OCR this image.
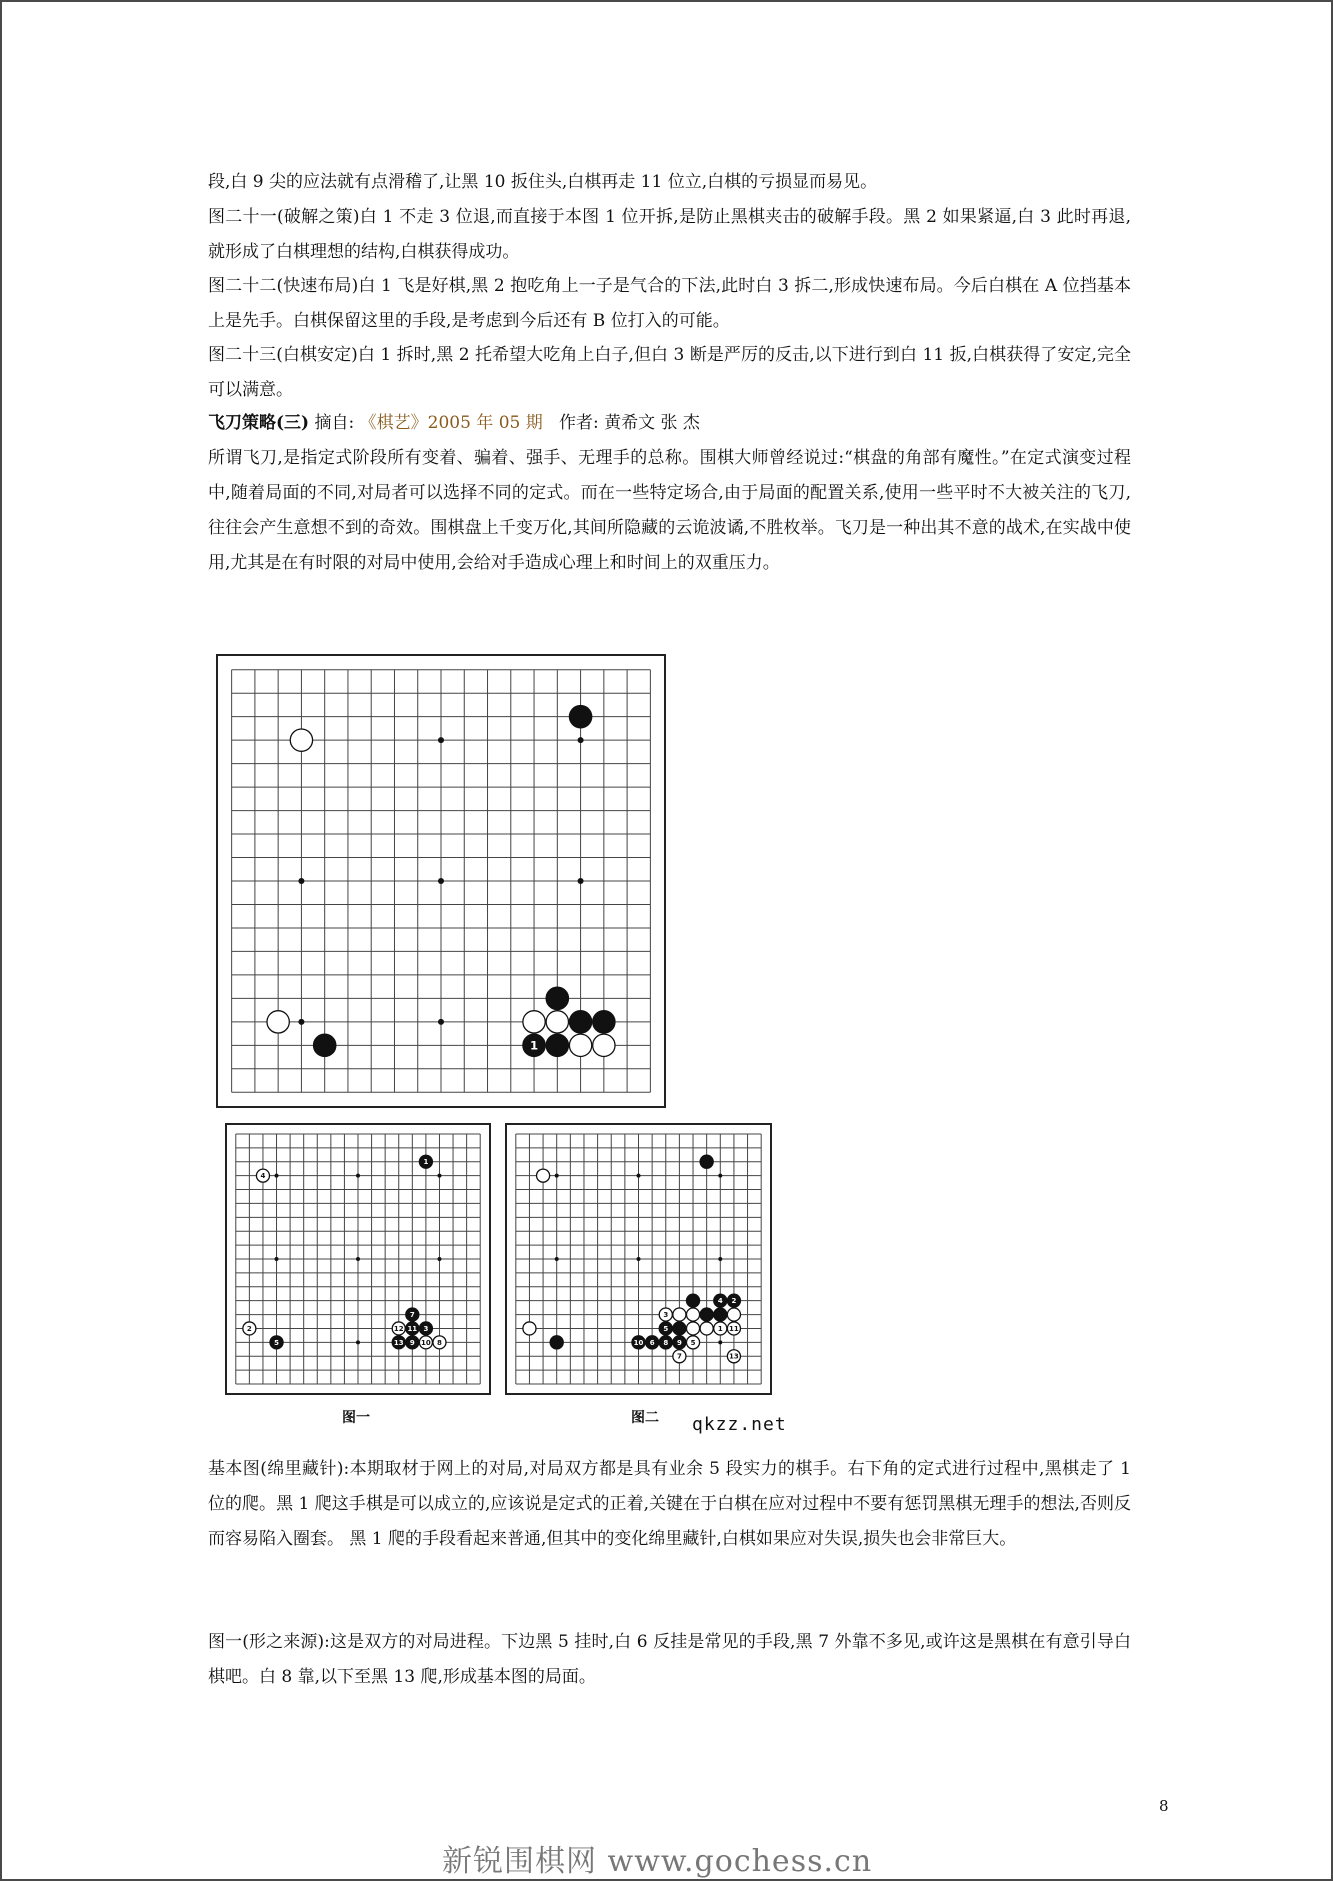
段,白 9 尖的应法就有点滑稽了,让黑 10 扳住头,白棋再走 11 位立,白棋的亏损显而易见。

图二十一(破解之策)白 1 不走 3 位退,而直接于本图 1 位开拆,是防止黑棋夹击的破解手段。黑 2 如果紧逼,白 3 此时再退,就形成了白棋理想的结构,白棋获得成功。

图二十二(快速布局)白 1 飞是好棋,黑 2 抱吃角上一子是气合的下法,此时白 3 拆二,形成快速布局。今后白棋在 A 位挡基本上是先手。白棋保留这里的手段,是考虑到今后还有 B 位打入的可能。

图二十三(白棋安定)白 1 拆时,黑 2 托希望大吃角上白子,但白 3 断是严厉的反击,以下进行到白 11 扳,白棋获得了安定,完全可以满意。

飞刀策略(三) 摘自: 《棋艺》2005 年 05 期 作者: 黄希文 张 杰

所谓飞刀,是指定式阶段所有变着、骗着、强手、无理手的总称。围棋大师曾经说过:“棋盘的角部有魔性。”在定式演变过程中,随着局面的不同,对局者可以选择不同的定式。而在一些特定场合,由于局面的配置关系,使用一些平时不大被关注的飞刀,往往会产生意想不到的奇效。围棋盘上千变万化,其间所隐藏的云诡波谲,不胜枚举。飞刀是一种出其不意的战术,在实战中使用,尤其是在有时限的对局中使用,会给对手造成心理上和时间上的双重压力。

1
1
4
2
5
7
12 11 3
13 9 10 8
图一
4 2
3
5	1 11
10 6 8 9 5
7	13
图二 qkzz.net

基本图(绵里藏针):本期取材于网上的对局,对局双方都是具有业余 5 段实力的棋手。右下角的定式进行过程中,黑棋走了 1 位的爬。黑 1 爬这手棋是可以成立的,应该说是定式的正着,关键在于白棋在应对过程中不要有惩罚黑棋无理手的想法,否则反而容易陷入圈套。 黑 1 爬的手段看起来普通,但其中的变化绵里藏针,白棋如果应对失误,损失也会非常巨大。

图一(形之来源):这是双方的对局进程。下边黑 5 挂时,白 6 反挂是常见的手段,黑 7 外靠不多见,或许这是黑棋在有意引导白棋吧。白 8 靠,以下至黑 13 爬,形成基本图的局面。

8
新锐围棋网 www.gochess.cn
